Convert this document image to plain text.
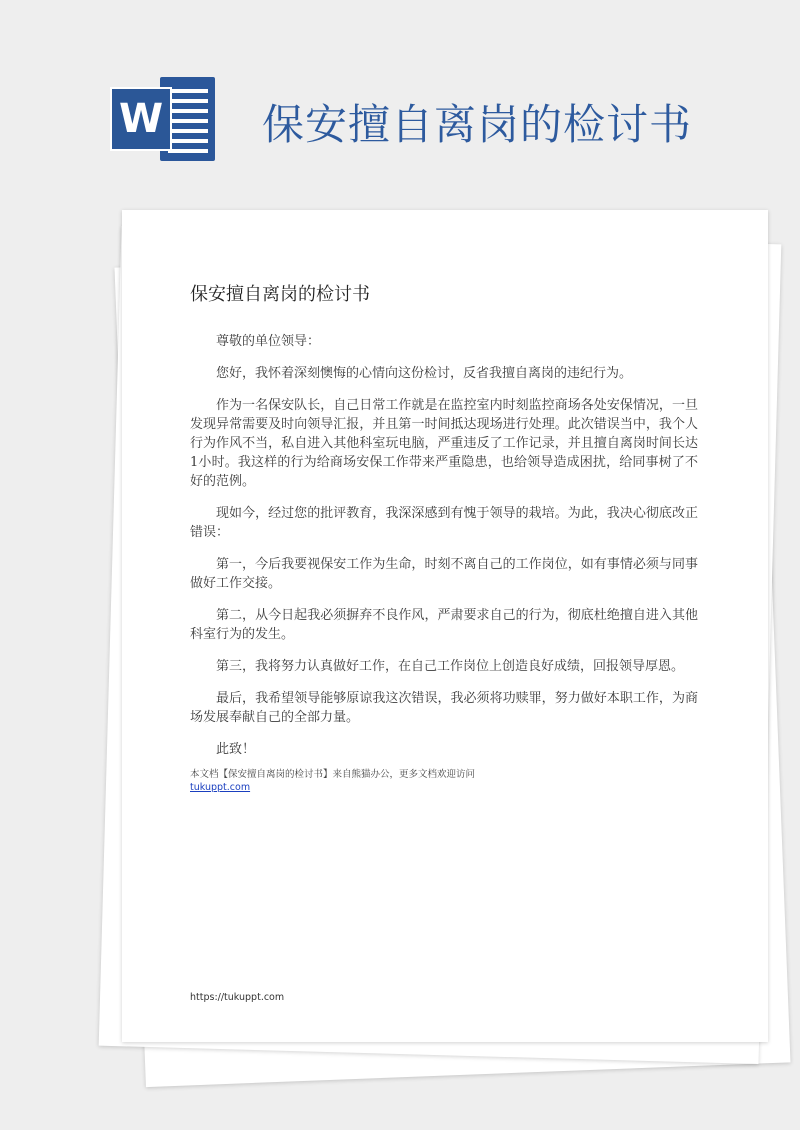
W 保安擅自离岗的检讨书
保安擅自离岗的检讨书

尊敬的单位领导：

您好，我怀着深刻懊悔的心情向这份检讨，反省我擅自离岗的违纪行为。

作为一名保安队长，自己日常工作就是在监控室内时刻监控商场各处安保情况，一旦发现异常需要及时向领导汇报，并且第一时间抵达现场进行处理。此次错误当中，我个人行为作风不当，私自进入其他科室玩电脑，严重违反了工作记录，并且擅自离岗时间长达1小时。我这样的行为给商场安保工作带来严重隐患，也给领导造成困扰，给同事树了不好的范例。

现如今，经过您的批评教育，我深深感到有愧于领导的栽培。为此，我决心彻底改正错误：

第一，今后我要视保安工作为生命，时刻不离自己的工作岗位，如有事情必须与同事做好工作交接。

第二，从今日起我必须摒弃不良作风，严肃要求自己的行为，彻底杜绝擅自进入其他科室行为的发生。

第三，我将努力认真做好工作，在自己工作岗位上创造良好成绩，回报领导厚恩。

最后，我希望领导能够原谅我这次错误，我必须将功赎罪，努力做好本职工作，为商场发展奉献自己的全部力量。

此致！

本文档【保安擅自离岗的检讨书】来自熊猫办公，更多文档欢迎访问
tukuppt.com
https://tukuppt.com
